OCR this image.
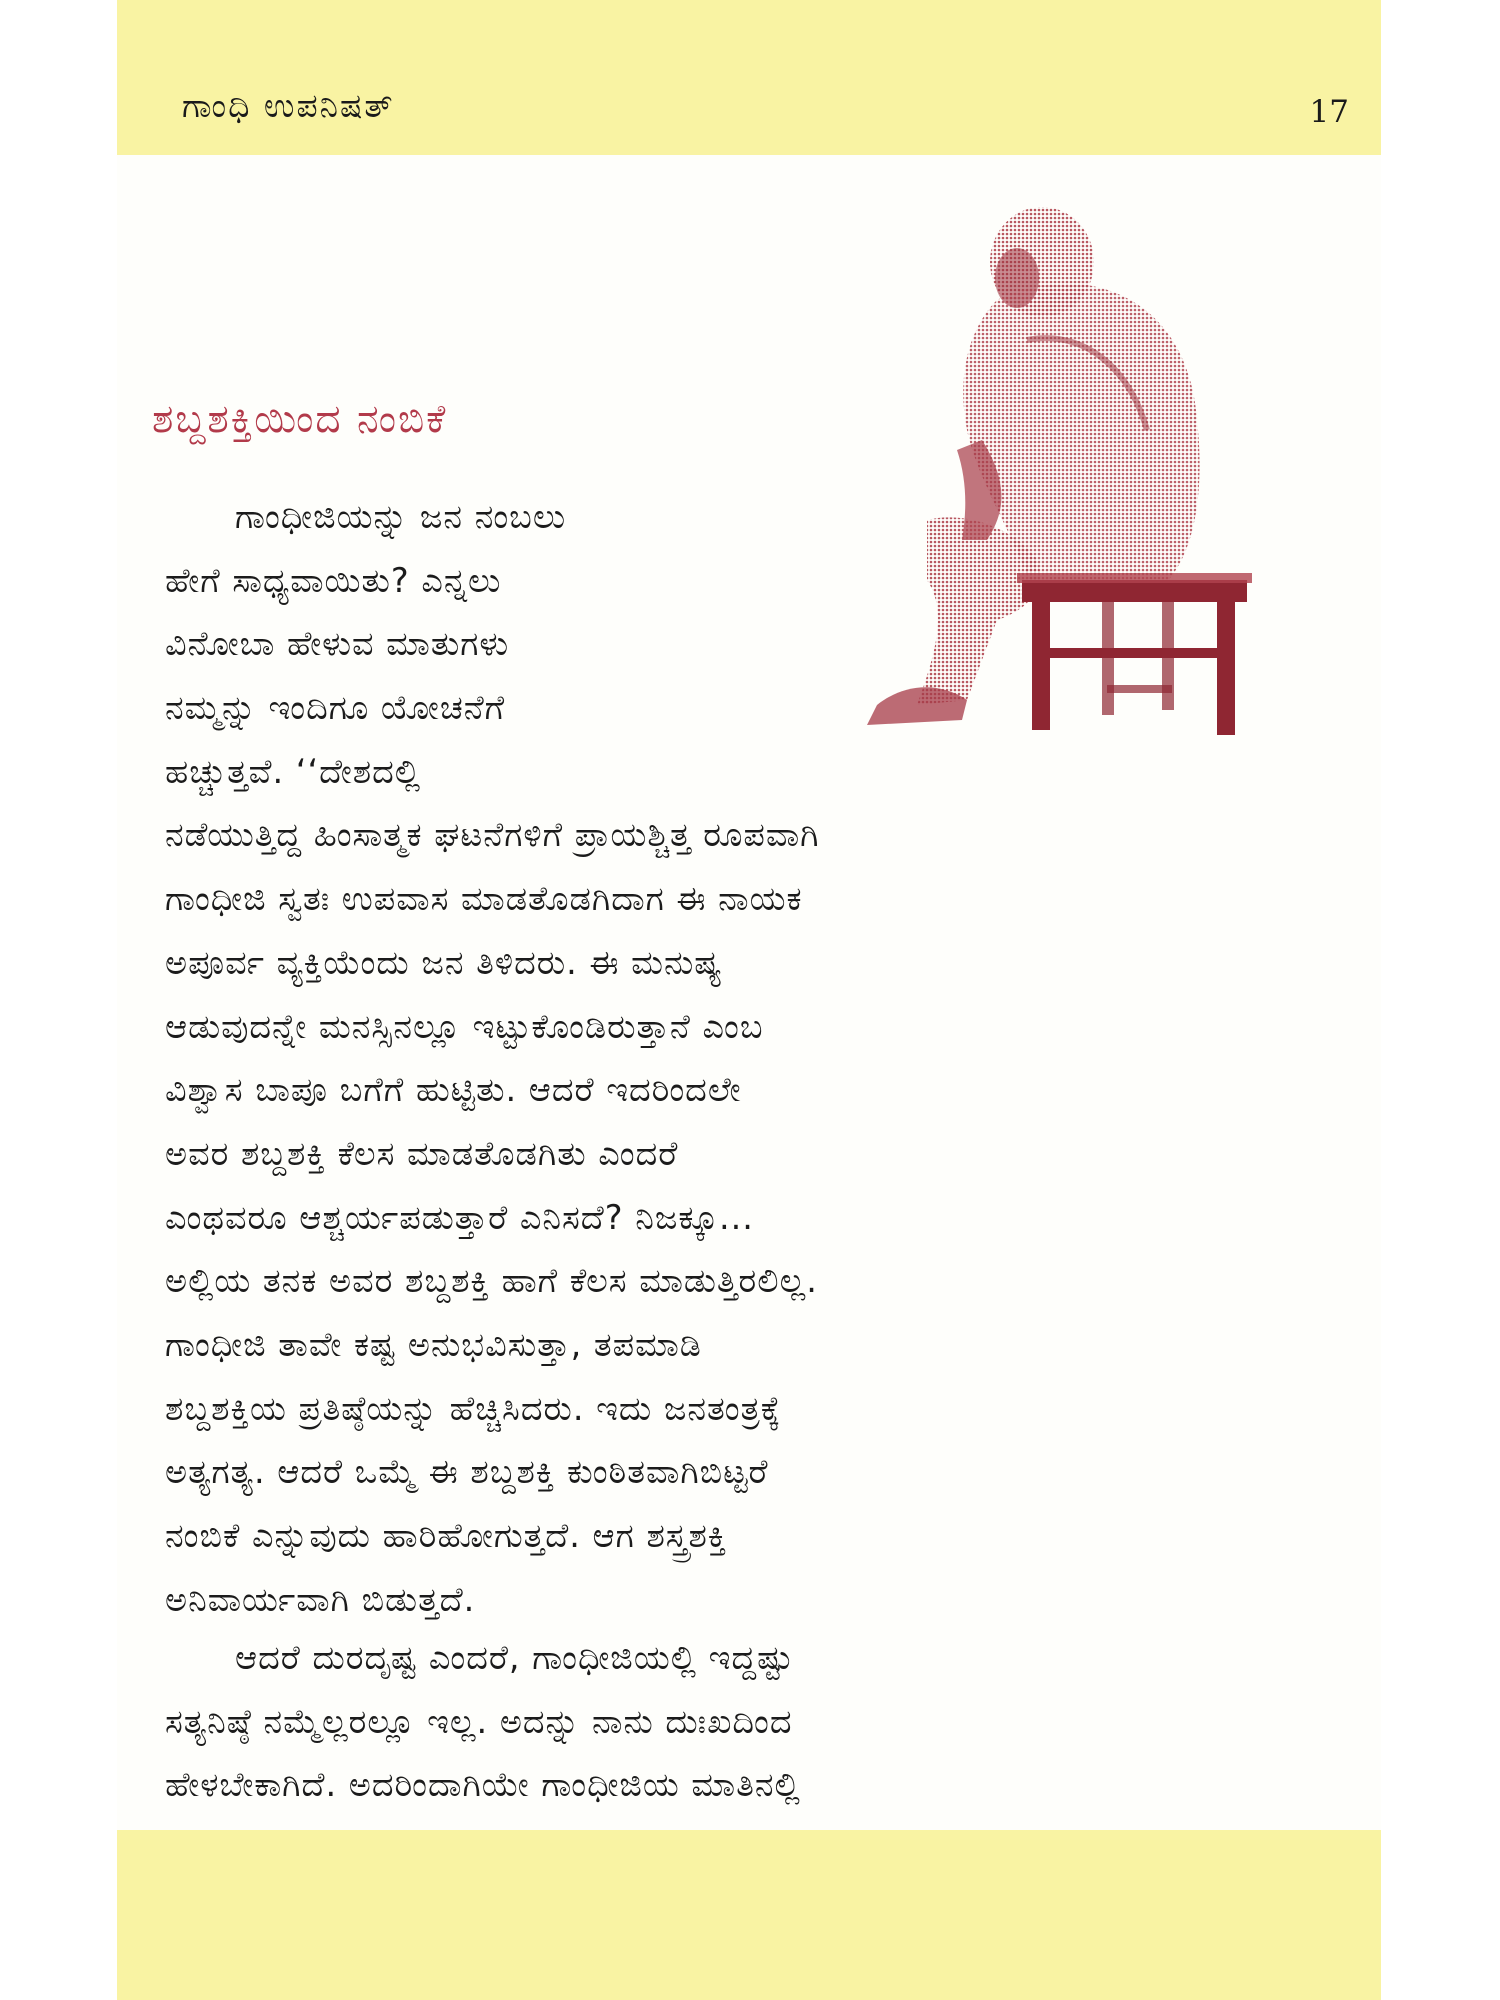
ಗಾಂಧಿ ಉಪನಿಷತ್	17
ಶಬ್ದಶಕ್ತಿಯಿಂದ ನಂಬಿಕೆ
ಗಾಂಧೀಜಿಯನ್ನು ಜನ ನಂಬಲು
ಹೇಗೆ ಸಾಧ್ಯವಾಯಿತು? ಎನ್ನಲು
ವಿನೋಬಾ ಹೇಳುವ ಮಾತುಗಳು
ನಮ್ಮನ್ನು ಇಂದಿಗೂ ಯೋಚನೆಗೆ
ಹಚ್ಚುತ್ತವೆ. ‘‘ದೇಶದಲ್ಲಿ
ನಡೆಯುತ್ತಿದ್ದ ಹಿಂಸಾತ್ಮಕ ಘಟನೆಗಳಿಗೆ ಪ್ರಾಯಶ್ಚಿತ್ತ ರೂಪವಾಗಿ
ಗಾಂಧೀಜಿ ಸ್ವತಃ ಉಪವಾಸ ಮಾಡತೊಡಗಿದಾಗ ಈ ನಾಯಕ
ಅಪೂರ್ವ ವ್ಯಕ್ತಿಯೆಂದು ಜನ ತಿಳಿದರು. ಈ ಮನುಷ್ಯ
ಆಡುವುದನ್ನೇ ಮನಸ್ಸಿನಲ್ಲೂ ಇಟ್ಟುಕೊಂಡಿರುತ್ತಾನೆ ಎಂಬ
ವಿಶ್ವಾಸ ಬಾಪೂ ಬಗೆಗೆ ಹುಟ್ಟಿತು. ಆದರೆ ಇದರಿಂದಲೇ
ಅವರ ಶಬ್ದಶಕ್ತಿ ಕೆಲಸ ಮಾಡತೊಡಗಿತು ಎಂದರೆ
ಎಂಥವರೂ ಆಶ್ಚರ್ಯಪಡುತ್ತಾರೆ ಎನಿಸದೆ? ನಿಜಕ್ಕೂ...
ಅಲ್ಲಿಯ ತನಕ ಅವರ ಶಬ್ದಶಕ್ತಿ ಹಾಗೆ ಕೆಲಸ ಮಾಡುತ್ತಿರಲಿಲ್ಲ.
ಗಾಂಧೀಜಿ ತಾವೇ ಕಷ್ಟ ಅನುಭವಿಸುತ್ತಾ, ತಪಮಾಡಿ
ಶಬ್ದಶಕ್ತಿಯ ಪ್ರತಿಷ್ಠೆಯನ್ನು ಹೆಚ್ಚಿಸಿದರು. ಇದು ಜನತಂತ್ರಕ್ಕೆ
ಅತ್ಯಗತ್ಯ. ಆದರೆ ಒಮ್ಮೆ ಈ ಶಬ್ದಶಕ್ತಿ ಕುಂಠಿತವಾಗಿಬಿಟ್ಟರೆ
ನಂಬಿಕೆ ಎನ್ನುವುದು ಹಾರಿಹೋಗುತ್ತದೆ. ಆಗ ಶಸ್ತ್ರಶಕ್ತಿ
ಅನಿವಾರ್ಯವಾಗಿ ಬಿಡುತ್ತದೆ.
ಆದರೆ ದುರದೃಷ್ಟ ಎಂದರೆ, ಗಾಂಧೀಜಿಯಲ್ಲಿ ಇದ್ದಷ್ಟು
ಸತ್ಯನಿಷ್ಠೆ ನಮ್ಮೆಲ್ಲರಲ್ಲೂ ಇಲ್ಲ. ಅದನ್ನು ನಾನು ದುಃಖದಿಂದ
ಹೇಳಬೇಕಾಗಿದೆ. ಅದರಿಂದಾಗಿಯೇ ಗಾಂಧೀಜಿಯ ಮಾತಿನಲ್ಲಿ
